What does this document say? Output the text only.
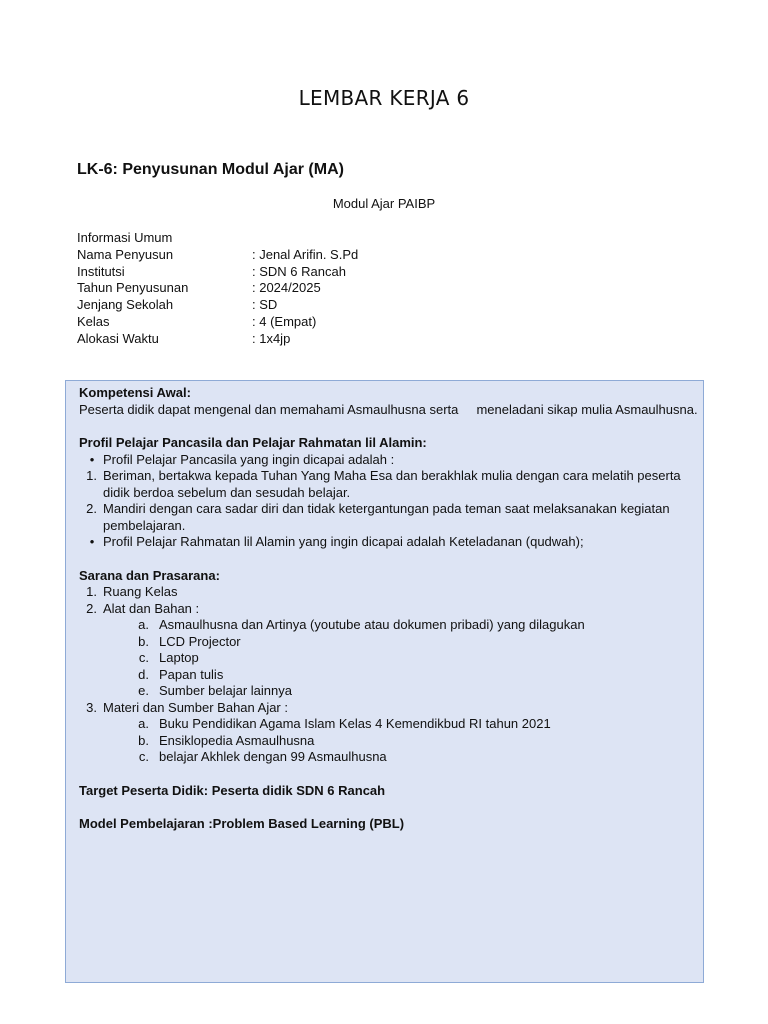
LEMBAR KERJA 6
LK-6: Penyusunan Modul Ajar (MA)
Modul Ajar PAIBP
Informasi Umum
Nama Penyusun	: Jenal Arifin. S.Pd
Institutsi	: SDN 6 Rancah
Tahun Penyusunan	: 2024/2025
Jenjang Sekolah	: SD
Kelas	: 4 (Empat)
Alokasi Waktu	: 1x4jp
Kompetensi Awal:
Peserta didik dapat mengenal dan memahami Asmaulhusna serta     meneladani sikap mulia Asmaulhusna.
Profil Pelajar Pancasila dan Pelajar Rahmatan lil Alamin:
• Profil Pelajar Pancasila yang ingin dicapai adalah :
1. Beriman, bertakwa kepada Tuhan Yang Maha Esa dan berakhlak mulia dengan cara melatih peserta didik berdoa sebelum dan sesudah belajar.
2. Mandiri dengan cara sadar diri dan tidak ketergantungan pada teman saat melaksanakan kegiatan pembelajaran.
• Profil Pelajar Rahmatan lil Alamin yang ingin dicapai adalah Keteladanan (qudwah);
Sarana dan Prasarana:
1. Ruang Kelas
2. Alat dan Bahan :
a. Asmaulhusna dan Artinya (youtube atau dokumen pribadi) yang dilagukan
b. LCD Projector
c. Laptop
d. Papan tulis
e. Sumber belajar lainnya
3. Materi dan Sumber Bahan Ajar :
a. Buku Pendidikan Agama Islam Kelas 4 Kemendikbud RI tahun 2021
b. Ensiklopedia Asmaulhusna
c. belajar Akhlek dengan 99 Asmaulhusna
Target Peserta Didik: Peserta didik SDN 6 Rancah
Model Pembelajaran :Problem Based Learning (PBL)
